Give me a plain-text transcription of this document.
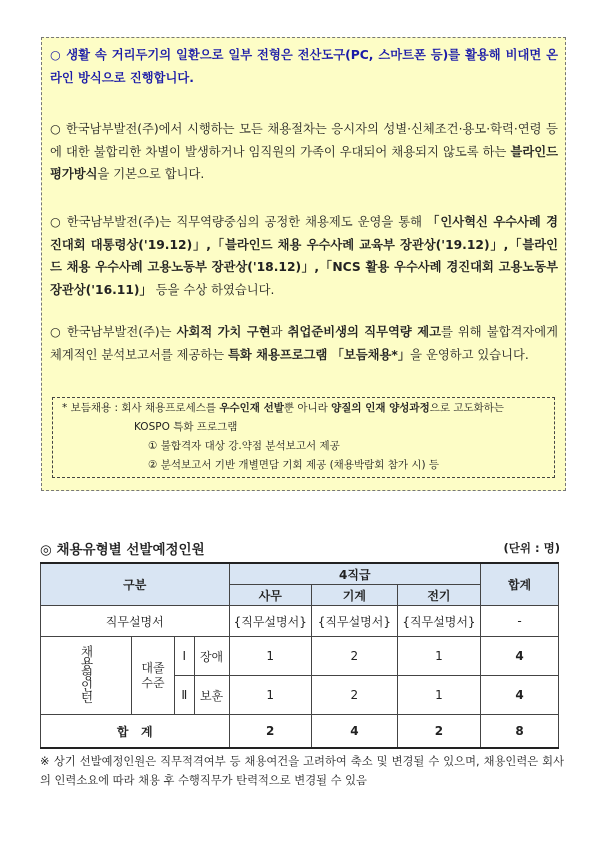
○ 생활 속 거리두기의 일환으로 일부 전형은 전산도구(PC, 스마트폰 등)를 활용해 비대면 온라인 방식으로 진행합니다.
○ 한국남부발전(주)에서 시행하는 모든 채용절차는 응시자의 성별·신체조건·용모·학력·연령 등에 대한 불합리한 차별이 발생하거나 임직원의 가족이 우대되어 채용되지 않도록 하는 블라인드 평가방식을 기본으로 합니다.
○ 한국남부발전(주)는 직무역량중심의 공정한 채용제도 운영을 통해 「인사혁신 우수사례 경진대회 대통령상('19.12)」,「블라인드 채용 우수사례 교육부 장관상('19.12)」,「블라인드 채용 우수사례 고용노동부 장관상('18.12)」,「NCS 활용 우수사례 경진대회 고용노동부 장관상('16.11)」 등을 수상 하였습니다.
○ 한국남부발전(주)는 사회적 가치 구현과 취업준비생의 직무역량 제고를 위해 불합격자에게 체계적인 분석보고서를 제공하는 특화 채용프로그램 「보듬채용*」을 운영하고 있습니다.
* 보듬채용 : 회사 채용프로세스를 우수인재 선발뿐 아니라 양질의 인재 양성과정으로 고도화하는
KOSPO 특화 프로그램
① 불합격자 대상 강.약점 분석보고서 제공
② 분석보고서 기반 개별면담 기회 제공 (채용박람회 참가 시) 등
◎ 채용유형별 선발예정인원	(단위 : 명)
구분				4직급			합계
				사무	기계	전기	
직무설명서				{직무설명서}	{직무설명서}	{직무설명서}	-
채용형인턴	대졸수준	Ⅰ	장애	1	2	1	4
		Ⅱ	보훈	1	2	1	4
합   계				2	4	2	8
※ 상기 선발예정인원은 직무적격여부 등 채용여건을 고려하여 축소 및 변경될 수 있으며, 채용인력은 회사의 인력소요에 따라 채용 후 수행직무가 탄력적으로 변경될 수 있음
